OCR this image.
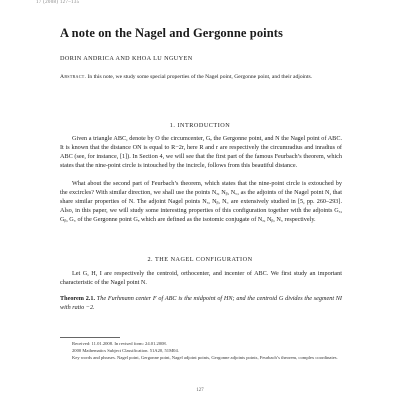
17 (2008) 127–135
A note on the Nagel and Gergonne points
DORIN ANDRICA AND KHOA LU NGUYEN
Abstract. In this note, we study some special properties of the Nagel point, Gergonne point, and their adjoints.
1. INTRODUCTION
Given a triangle ABC, denote by O the circumcenter, Gₑ the Gergonne point, and N the Nagel point of ABC. It is known that the distance ON is equal to R−2r, here R and r are respectively the circumradius and inradius of ABC (see, for instance, [1]). In Section 4, we will see that the first part of the famous Feurbach’s theorem, which states that the nine-point circle is intouched by the incircle, follows from this beautiful distance.
What about the second part of Feurbach’s theorem, which states that the nine-point circle is extouched by the excircles? With similar direction, we shall use the points Nₐ, Nᵦ, N꜀, as the adjoints of the Nagel point N, that share similar properties of N. The adjoint Nagel points Nₐ, Nᵦ, N꜀ are extensively studied in [5, pp. 260–293]. Also, in this paper, we will study some interesting properties of this configuration together with the adjoints Gₐ, Gᵦ, G꜀ of the Gergonne point Gₑ which are defined as the isotomic conjugate of Nₐ, Nᵦ, N꜀ respectively.
2. THE NAGEL CONFIGURATION
Let G, H, I are respectively the centroid, orthocenter, and incenter of ABC. We first study an important characteristic of the Nagel point N.
Theorem 2.1. The Furhmann center F of ABC is the midpoint of HN; and the centroid G divides the segment NI with ratio −2.
Received: 11.01.2008. In revised form: 24.01.2008.
2000 Mathematics Subject Classification. 51A20, 51M04.
Key words and phrases. Nagel point, Gergonne point, Nagel adjoint points, Gergonne adjoints points, Feurbach’s theorem, complex coordinates.
127
